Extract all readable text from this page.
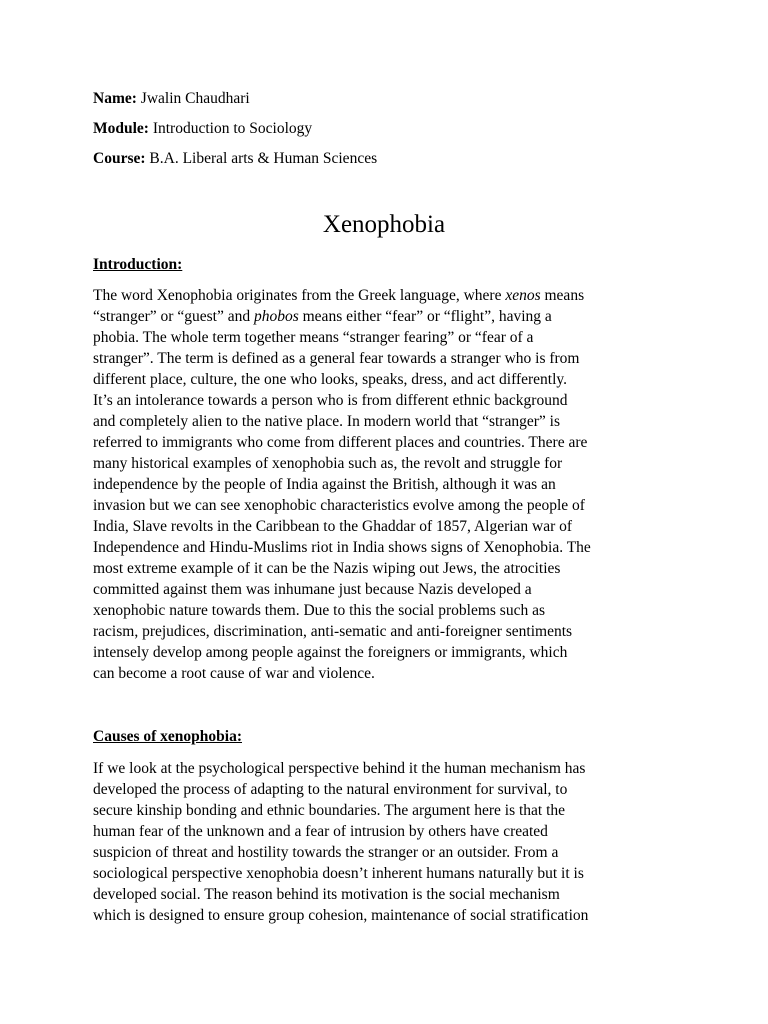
Name: Jwalin Chaudhari
Module: Introduction to Sociology
Course: B.A. Liberal arts & Human Sciences
Xenophobia
Introduction:
The word Xenophobia originates from the Greek language, where xenos means
“stranger” or “guest” and phobos means either “fear” or “flight”, having a
phobia. The whole term together means “stranger fearing” or “fear of a
stranger”. The term is defined as a general fear towards a stranger who is from
different place, culture, the one who looks, speaks, dress, and act differently.
It’s an intolerance towards a person who is from different ethnic background
and completely alien to the native place. In modern world that “stranger” is
referred to immigrants who come from different places and countries. There are
many historical examples of xenophobia such as, the revolt and struggle for
independence by the people of India against the British, although it was an
invasion but we can see xenophobic characteristics evolve among the people of
India, Slave revolts in the Caribbean to the Ghaddar of 1857, Algerian war of
Independence and Hindu-Muslims riot in India shows signs of Xenophobia. The
most extreme example of it can be the Nazis wiping out Jews, the atrocities
committed against them was inhumane just because Nazis developed a
xenophobic nature towards them. Due to this the social problems such as
racism, prejudices, discrimination, anti-sematic and anti-foreigner sentiments
intensely develop among people against the foreigners or immigrants, which
can become a root cause of war and violence.
Causes of xenophobia:
If we look at the psychological perspective behind it the human mechanism has
developed the process of adapting to the natural environment for survival, to
secure kinship bonding and ethnic boundaries. The argument here is that the
human fear of the unknown and a fear of intrusion by others have created
suspicion of threat and hostility towards the stranger or an outsider. From a
sociological perspective xenophobia doesn’t inherent humans naturally but it is
developed social. The reason behind its motivation is the social mechanism
which is designed to ensure group cohesion, maintenance of social stratification
